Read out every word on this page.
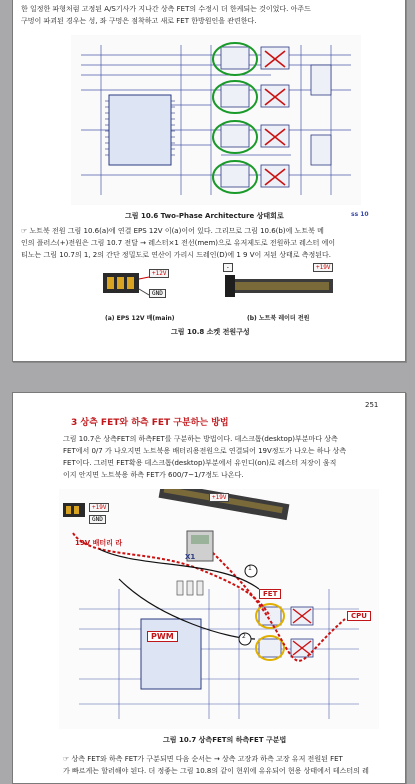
한 일정한 파형처럼 고정된 A/S기사가 지나간 상측 FET의 수정시 더 한케되는 것이었다. 아주드
구멍이 파괴된 경우는 성, 좌 구멍은 점착하고 새로 FET 한방원인을 관련한다.
그림 10.6 Two-Phase Architecture 상태회로	ss 10
☞ 노트북 전원 그림 10.6(a)에 연결 EPS 12V 이(a)이어 있다. 그리므로 그림 10.6(b)에 노트북 메
인의 플러스(+)전원은 그림 10.7 전달 → 레스터×1 전선(mem)으로 유저제도로 전원하고 레스터 에이
티노는 그림 10.7의 1, 2의 간단 정밀도로 연산이 가리시 드레인(D)에 1 9 V이 저된 상태로 측정된다.
+12V
GND
-	+19V
(a) EPS 12V 배(main)	(b) 노트북 레이더 전원
그림 10.8 소켓 전원구성
251
3 상측 FET와 하측 FET 구분하는 방법
그림 10.7은 상측FET의 하측FET를 구분하는 방법이다. 데스크톱(desktop)부분마다 상측
FET에서 0/7 가 나오지면 노트북용 배터리용전원으로 연결되어 19V정도가 나오는 하나 상측
FET이다. 그러면 FET확용 데스크톱(desktop)부분에서 유인디(on)로 레스터 저장이 움직
이지 안지면 노트북용 하측 FET가 600/7~1/7정도 나온다.
+19V
GND
+19V
19V 배터리 라
X1
1
2
FET
CPU
PWM
그림 10.7 상측FET의 하측FET 구분법
☞ 상측 FET와 하측 FET가 구분되면 다음 순서는 → 상측 고장과 하측 고장 유저 전원된 FET
가 빠르게는 할러해야 된다. 더 정좋는 그림 10.8의 같이 현위에 유유되어 현용 상태에서 테스터의 레
